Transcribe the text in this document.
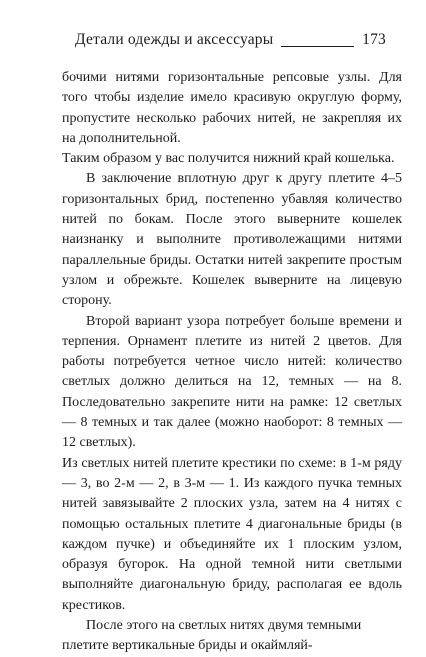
Детали одежды и аксессуары	173

бочими нитями горизонтальные репсовые узлы. Для того чтобы изделие имело красивую округлую форму, пропустите несколько рабочих нитей, не закрепляя их на дополнительной.

Таким образом у вас получится нижний край кошелька.

В заключение вплотную друг к другу плетите 4–5 горизонтальных брид, постепенно убавляя количество нитей по бокам. После этого выверните кошелек наизнанку и выполните противолежащими нитями параллельные бриды. Остатки нитей закрепите простым узлом и обрежьте. Кошелек выверните на лицевую сторону.

Второй вариант узора потребует больше времени и терпения. Орнамент плетите из нитей 2 цветов. Для работы потребуется четное число нитей: количество светлых должно делиться на 12, темных — на 8. Последовательно закрепите нити на рамке: 12 светлых — 8 темных и так далее (можно наоборот: 8 темных — 12 светлых).

Из светлых нитей плетите крестики по схеме: в 1-м ряду — 3, во 2-м — 2, в 3-м — 1. Из каждого пучка темных нитей завязывайте 2 плоских узла, затем на 4 нитях с помощью остальных плетите 4 диагональные бриды (в каждом пучке) и объединяйте их 1 плоским узлом, образуя бугорок. На одной темной нити светлыми выполняйте диагональную бриду, располагая ее вдоль крестиков.

После этого на светлых нитях двумя темными плетите вертикальные бриды и окаймляй-
